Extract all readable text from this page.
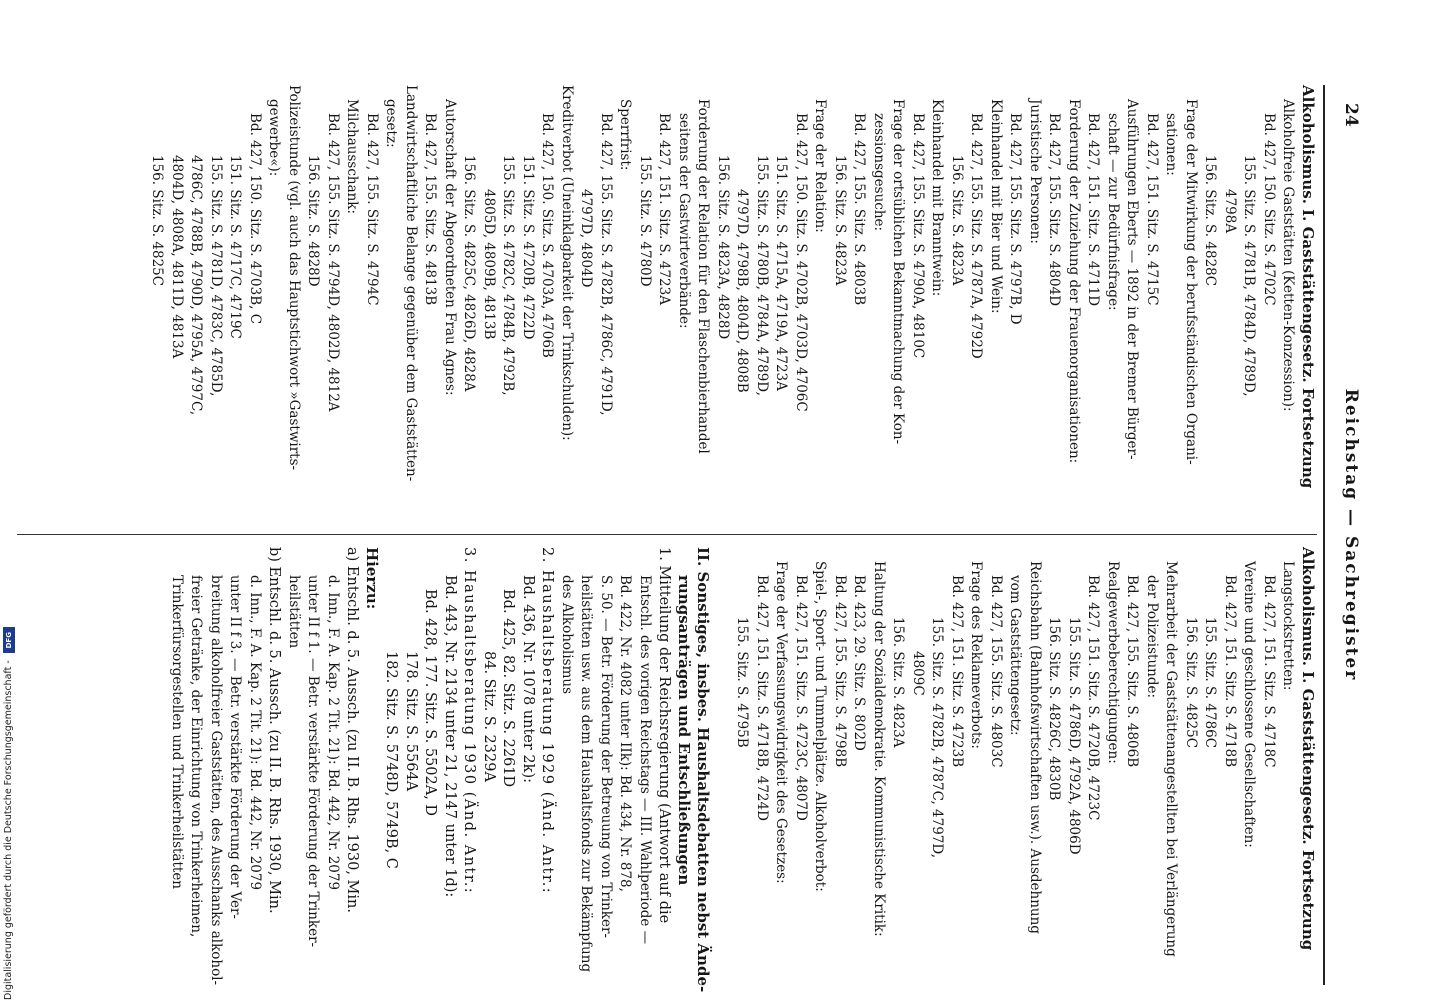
24
Reichstag — Sachregister
Alkoholismus. I. Gaststättengesetz. Fortsetzung
Alkoholfreie Gaststätten (Ketten-Konzession):
Bd. 427, 150. Sitz. S. 4702C
155. Sitz. S. 4781B, 4784D, 4789D,
4798A
156. Sitz. S. 4828C
Frage der Mitwirkung der berufsständischen Organi-
sationen:
Bd. 427, 151. Sitz. S. 4715C
Ausführungen Eberts — 1892 in der Bremer Bürger-
schaft — zur Bedürfnisfrage:
Bd. 427, 151. Sitz. S. 4711D
Forderung der Zuziehung der Frauenorganisationen:
Bd. 427, 155. Sitz. S. 4804D
Juristische Personen:
Bd. 427, 155. Sitz. S. 4797B, D
Kleinhandel mit Bier und Wein:
Bd. 427, 155. Sitz. S. 4787A, 4792D
156. Sitz. S. 4823A
Kleinhandel mit Branntwein:
Bd. 427, 155. Sitz. S. 4790A, 4810C
Frage der ortsüblichen Bekanntmachung der Kon-
zessionsgesuche:
Bd. 427, 155. Sitz. S. 4803B
156. Sitz. S. 4823A
Frage der Relation:
Bd. 427, 150. Sitz. S. 4702B, 4703D, 4706C
151. Sitz. S. 4715A, 4719A, 4723A
155. Sitz. S. 4780B, 4784A, 4789D,
4797D, 4798B, 4804D, 4808B
156. Sitz. S. 4823A, 4828D
Forderung der Relation für den Flaschenbierhandel
seitens der Gastwirteverbände:
Bd. 427, 151. Sitz. S. 4723A
155. Sitz. S. 4780D
Sperrfrist:
Bd. 427, 155. Sitz. S. 4782B, 4786C, 4791D,
4797D, 4804D
Kreditverbot (Uneinklagbarkeit der Trinkschulden):
Bd. 427, 150. Sitz. S. 4703A, 4706B
151. Sitz. S. 4720B, 4722D
155. Sitz. S. 4782C, 4784B, 4792B,
4805D, 4809B, 4813B
156. Sitz. S. 4825C, 4826D, 4828A
Autorschaft der Abgeordneten Frau Agnes:
Bd. 427, 155. Sitz. S. 4813B
Landwirtschaftliche Belange gegenüber dem Gaststätten-
gesetz:
Bd. 427, 155. Sitz. S. 4794C
Milchausschank:
Bd. 427, 155. Sitz. S. 4794D, 4802D, 4812A
156. Sitz. S. 4828D
Polizeistunde (vgl. auch das Hauptstichwort »Gastwirts-
gewerbe«):
Bd. 427, 150. Sitz. S. 4703B, C
151. Sitz. S. 4717C, 4719C
155. Sitz. S. 4781D, 4783C, 4785D,
4786C, 4788B, 4790D, 4795A, 4797C,
4804D, 4808A, 4811D, 4813A
156. Sitz. S. 4825C
Alkoholismus. I. Gaststättengesetz. Fortsetzung
Langstockstretten:
Bd. 427, 151. Sitz. S. 4718C
Vereine und geschlossene Gesellschaften:
Bd. 427, 151. Sitz. S. 4718B
155. Sitz. S. 4786C
156. Sitz. S. 4825C
Mehrarbeit der Gaststättenangestellten bei Verlängerung
der Polizeistunde:
Bd. 427, 155. Sitz. S. 4806B
Realgewerbeberechtigungen:
Bd. 427, 151. Sitz. S. 4720B, 4723C
155. Sitz. S. 4786D, 4792A, 4806D
156. Sitz. S. 4826C, 4830B
Reichsbahn (Bahnhofswirtschaften usw.). Ausdehnung
vom Gaststättengesetz:
Bd. 427, 155. Sitz. S. 4803C
Frage des Reklameverbots:
Bd. 427, 151. Sitz. S. 4723B
155. Sitz. S. 4782B, 4787C, 4797D,
4809C
156. Sitz. S. 4823A
Haltung der Sozialdemokratie. Kommunistische Kritik:
Bd. 423, 29. Sitz. S. 802D
Bd. 427, 155. Sitz. S. 4798B
Spiel-, Sport- und Tummelplätze. Alkoholverbot:
Bd. 427, 151. Sitz. S. 4723C, 4807D
Frage der Verfassungswidrigkeit des Gesetzes:
Bd. 427, 151. Sitz. S. 4718B, 4724D
155. Sitz. S. 4795B
II. Sonstiges, insbes. Haushaltsdebatten nebst Ände-
rungsanträgen und Entschließungen
1. Mitteilung der Reichsregierung (Antwort auf die
Entschl. des vorigen Reichstags — III. Wahlperiode —
Bd. 422, Nr. 4082 unter IIk): Bd. 434, Nr. 878,
S. 50. — Betr. Förderung der Betreuung von Trinker-
heilstätten usw. aus dem Haushaltsfonds zur Bekämpfung
des Alkoholismus
2. Haushaltsberatung 1929 (Änd. Antr.:
Bd. 436, Nr. 1078 unter 2k):
Bd. 425, 82. Sitz. S. 2261D
84. Sitz. S. 2329A
3. Haushaltsberatung 1930 (Änd. Antr.:
Bd. 443, Nr. 2134 unter 21, 2147 unter 1d):
Bd. 428, 177. Sitz. S. 5502A, D
178. Sitz. S. 5564A
182. Sitz. S. 5748D, 5749B, C
Hierzu:
a) Entschl. d. 5. Aussch. (zu II. B. Rhs. 1930, Min.
d. Inn., F. A. Kap. 2 Tit. 21): Bd. 442, Nr. 2079
unter II f 1. — Betr. verstärkte Förderung der Trinker-
heilstätten
b) Entschl. d. 5. Aussch. (zu II. B. Rhs. 1930, Min.
d. Inn., F. A. Kap. 2 Tit. 21): Bd. 442, Nr. 2079
unter II f 3. — Betr. verstärkte Förderung der Ver-
breitung alkoholfreier Gaststätten, des Ausschanks alkohol-
freier Getränke, der Einrichtung von Trinkerheimen,
Trinkerfürsorgestellen und Trinkerheilstätten
Digitalisierung gefördert durch die Deutsche Forschungsgemeinschaft - DFG
